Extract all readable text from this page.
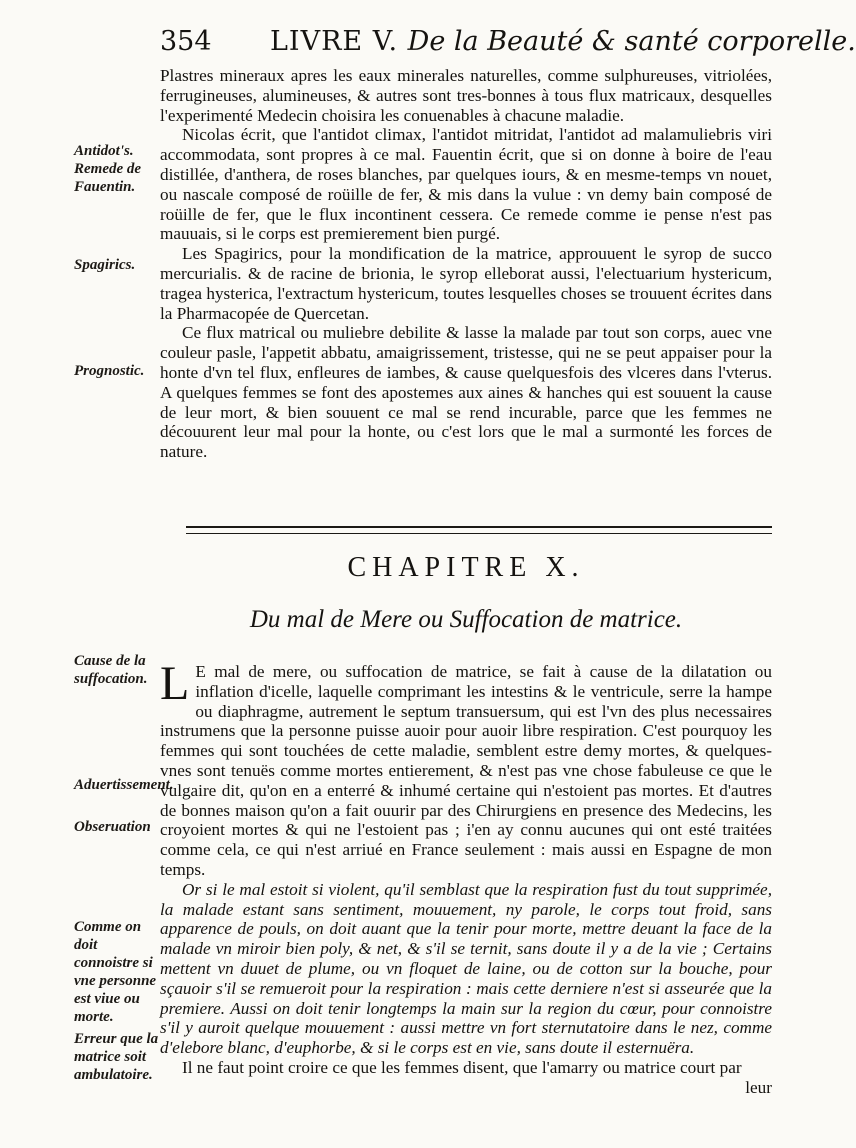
354 LIVRE V. De la Beauté & santé corporelle.
Antidot's. Remede de Fauentin.
Spagirics.
Prognostic.
Cause de la suffocation.
Aduertissement.
Obseruation
Comme on doit connoistre si vne personne est viue ou morte.
Erreur que la matrice soit ambulatoire.

Plastres mineraux apres les eaux minerales naturelles, comme sulphureuses, vitriolées, ferrugineuses, alumineuses, & autres sont tres-bonnes à tous flux matricaux, desquelles l'experimenté Medecin choisira les conuenables à chacune maladie.

Nicolas écrit, que l'antidot climax, l'antidot mitridat, l'antidot ad malamuliebris viri accommodata, sont propres à ce mal. Fauentin écrit, que si on donne à boire de l'eau distillée, d'anthera, de roses blanches, par quelques iours, & en mesme-temps vn nouet, ou nascale composé de roüille de fer, & mis dans la vulue : vn demy bain composé de roüille de fer, que le flux incontinent cessera. Ce remede comme ie pense n'est pas mauuais, si le corps est premierement bien purgé.

Les Spagirics, pour la mondification de la matrice, approuuent le syrop de succo mercurialis. & de racine de brionia, le syrop elleborat aussi, l'electuarium hystericum, tragea hysterica, l'extractum hystericum, toutes lesquelles choses se trouuent écrites dans la Pharmacopée de Quercetan.

Ce flux matrical ou muliebre debilite & lasse la malade par tout son corps, auec vne couleur pasle, l'appetit abbatu, amaigrissement, tristesse, qui ne se peut appaiser pour la honte d'vn tel flux, enfleures de iambes, & cause quelquesfois des vlceres dans l'vterus. A quelques femmes se font des apostemes aux aines & hanches qui est souuent la cause de leur mort, & bien souuent ce mal se rend incurable, parce que les femmes ne découurent leur mal pour la honte, ou c'est lors que le mal a surmonté les forces de nature.

CHAPITRE X.
Du mal de Mere ou Suffocation de matrice.

L E mal de mere, ou suffocation de matrice, se fait à cause de la dilatation ou inflation d'icelle, laquelle comprimant les intestins & le ventricule, serre la hampe ou diaphragme, autrement le septum transuersum, qui est l'vn des plus necessaires instrumens que la personne puisse auoir pour auoir libre respiration. C'est pourquoy les femmes qui sont touchées de cette maladie, semblent estre demy mortes, & quelques-vnes sont tenuës comme mortes entierement, & n'est pas vne chose fabuleuse ce que le vulgaire dit, qu'on en a enterré & inhumé certaine qui n'estoient pas mortes. Et d'autres de bonnes maison qu'on a fait ouurir par des Chirurgiens en presence des Medecins, les croyoient mortes & qui ne l'estoient pas ; i'en ay connu aucunes qui ont esté traitées comme cela, ce qui n'est arriué en France seulement : mais aussi en Espagne de mon temps.

Or si le mal estoit si violent, qu'il semblast que la respiration fust du tout supprimée, la malade estant sans sentiment, mouuement, ny parole, le corps tout froid, sans apparence de pouls, on doit auant que la tenir pour morte, mettre deuant la face de la malade vn miroir bien poly, & net, & s'il se ternit, sans doute il y a de la vie ; Certains mettent vn duuet de plume, ou vn floquet de laine, ou de cotton sur la bouche, pour sçauoir s'il se remueroit pour la respiration : mais cette derniere n'est si asseurée que la premiere. Aussi on doit tenir longtemps la main sur la region du cœur, pour connoistre s'il y auroit quelque mouuement : aussi mettre vn fort sternutatoire dans le nez, comme d'elebore blanc, d'euphorbe, & si le corps est en vie, sans doute il esternuëra.

Il ne faut point croire ce que les femmes disent, que l'amarry ou matrice court par

leur
